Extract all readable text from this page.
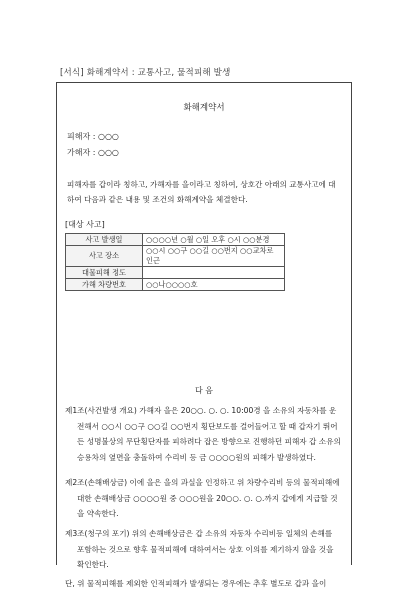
[서식] 화해계약서 : 교통사고, 물적피해 발생
화해계약서
피해자 : ○○○
가해자 : ○○○
피해자를 갑이라 칭하고, 가해자를 을이라고 칭하여, 상호간 아래의 교통사고에 대하여 다음과 같은 내용 및 조건의 화해계약을 체결한다.
[대상 사고]
사고 발생일	○○○○년 ○월 ○일 오후 ○시 ○○분경
사고 장소	○○시 ○○구 ○○길 ○○번지 ○○교차로 인근
대물피해 정도	
가해 차량번호	○○나○○○○호
다 음
제1조(사건발생 개요) 가해자 을은 20○○. ○. ○. 10:00경 을 소유의 자동차를 운전해서 ○○시 ○○구 ○○길 ○○번지 횡단보도를 걸어들어고 할 때 갑자기 뛰어 든 성명불상의 무단횡단자를 피하려다 잡은 방향으로 진행하던 피해자 갑 소유의 승용차의 옆면을 충돌하여 수리비 등 금 ○○○○원의 피해가 발생하였다.
제2조(손해배상금) 이에 을은 을의 과실을 인정하고 위 차량수리비 등의 물적피해에 대한 손해배상금 ○○○○원 중 ○○○원을 20○○. ○. ○.까지 갑에게 지급할 것을 약속한다.
제3조(청구의 포기) 위의 손해배상금은 갑 소유의 자동차 수리비등 일체의 손해를 포함하는 것으로 향후 물적피해에 대하여서는 상호 이의를 제기하지 않을 것을 확인한다.
단, 위 물적피해를 제외한 인적피해가 발생되는 경우에는 추후 별도로 갑과 을이
